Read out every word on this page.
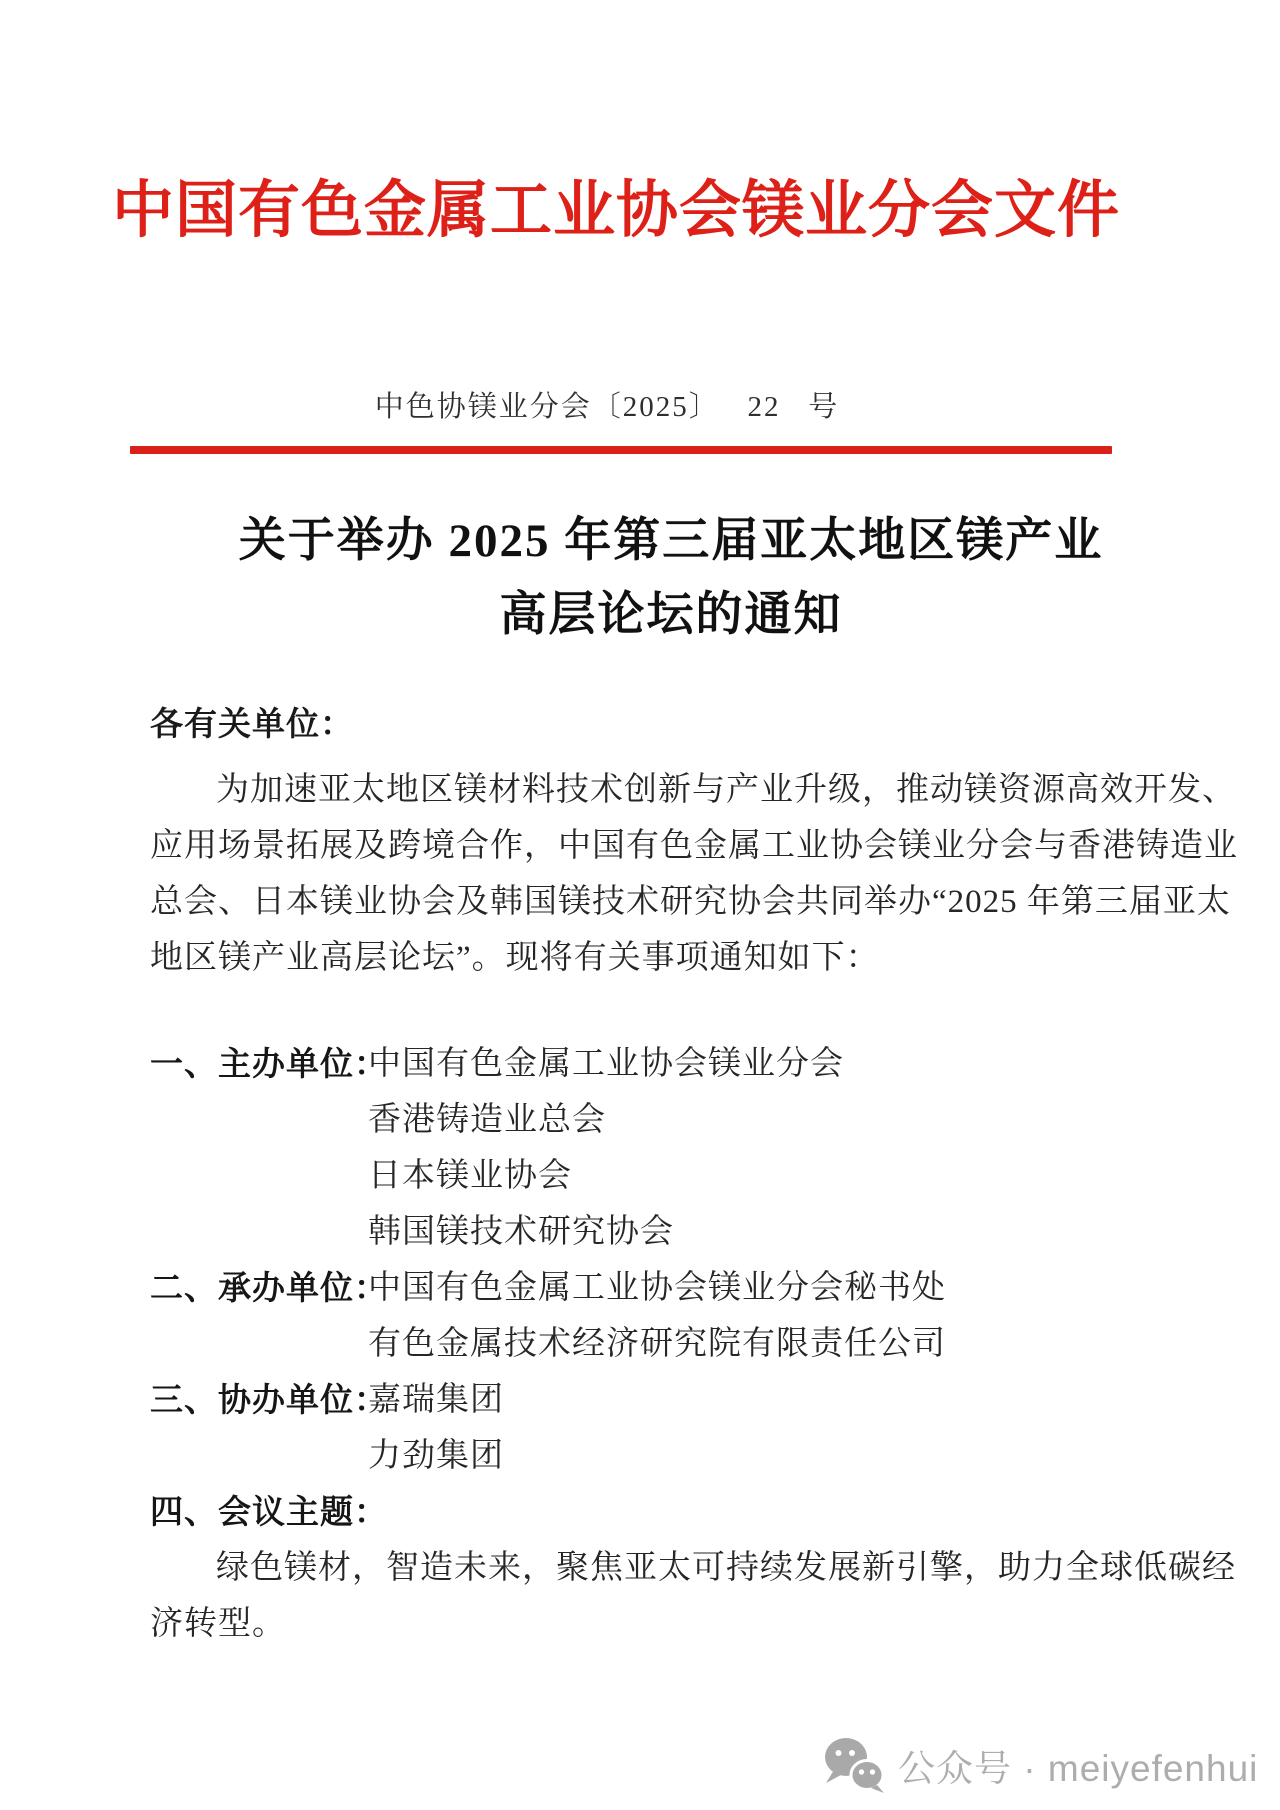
中国有色金属工业协会镁业分会文件
中色协镁业分会〔2025〕   22   号
关于举办 2025 年第三届亚太地区镁产业
高层论坛的通知
各有关单位：
为加速亚太地区镁材料技术创新与产业升级，推动镁资源高效开发、
应用场景拓展及跨境合作，中国有色金属工业协会镁业分会与香港铸造业
总会、日本镁业协会及韩国镁技术研究协会共同举办“2025 年第三届亚太
地区镁产业高层论坛”。现将有关事项通知如下：
一、主办单位：
中国有色金属工业协会镁业分会
香港铸造业总会
日本镁业协会
韩国镁技术研究协会
二、承办单位：
中国有色金属工业协会镁业分会秘书处
有色金属技术经济研究院有限责任公司
三、协办单位：
嘉瑞集团
力劲集团
四、会议主题：
绿色镁材，智造未来，聚焦亚太可持续发展新引擎，助力全球低碳经
济转型。
公众号 · meiyefenhui
